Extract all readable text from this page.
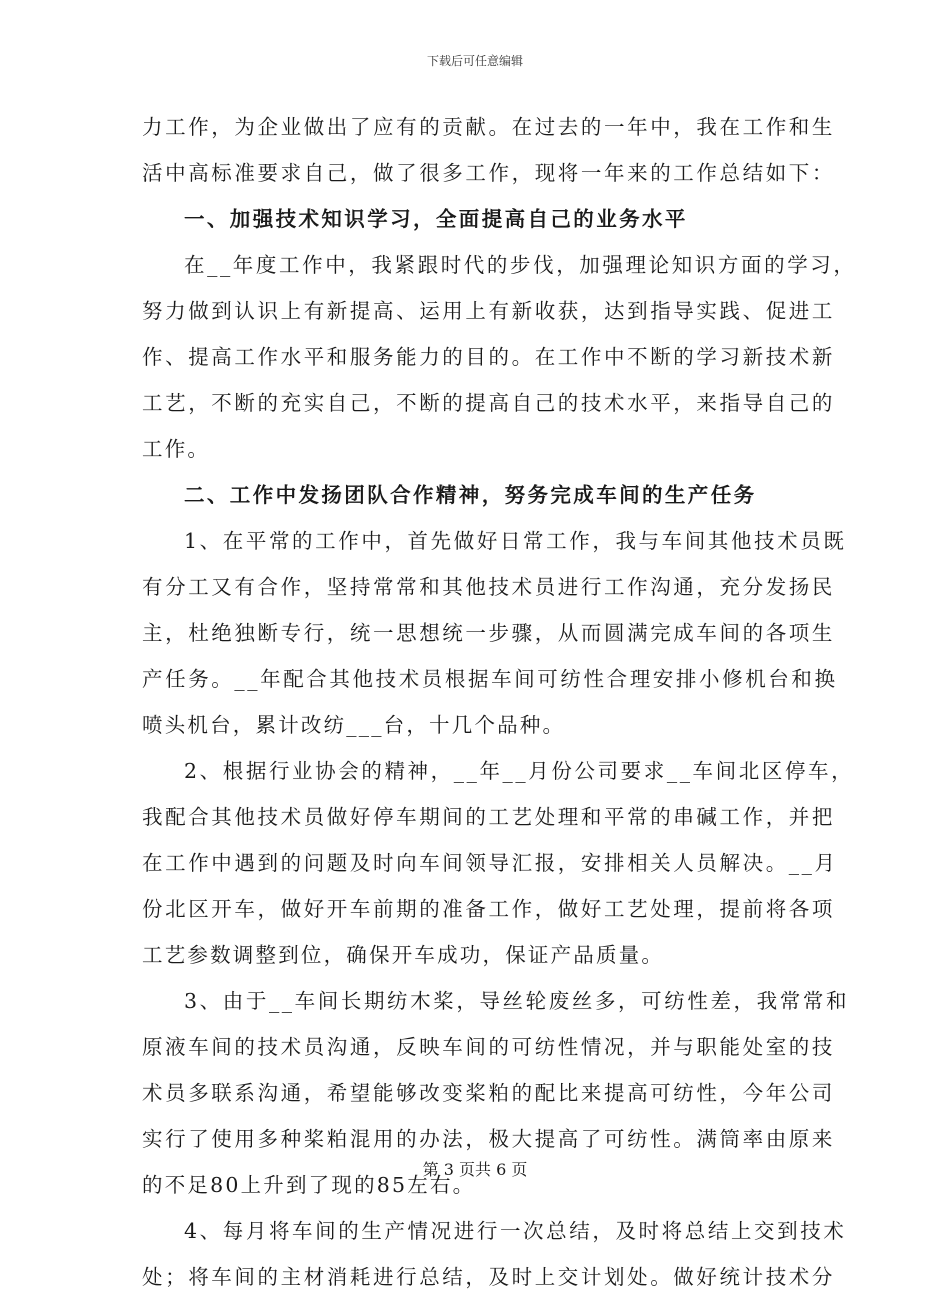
下载后可任意编辑
力工作，为企业做出了应有的贡献。在过去的一年中，我在工作和生
活中高标准要求自己，做了很多工作，现将一年来的工作总结如下：
一、加强技术知识学习，全面提高自己的业务水平
在__年度工作中，我紧跟时代的步伐，加强理论知识方面的学习，
努力做到认识上有新提高、运用上有新收获，达到指导实践、促进工
作、提高工作水平和服务能力的目的。在工作中不断的学习新技术新
工艺，不断的充实自己，不断的提高自己的技术水平，来指导自己的
工作。
二、工作中发扬团队合作精神，努务完成车间的生产任务
1、在平常的工作中，首先做好日常工作，我与车间其他技术员既
有分工又有合作，坚持常常和其他技术员进行工作沟通，充分发扬民
主，杜绝独断专行，统一思想统一步骤，从而圆满完成车间的各项生
产任务。__年配合其他技术员根据车间可纺性合理安排小修机台和换
喷头机台，累计改纺___台，十几个品种。
2、根据行业协会的精神，__年__月份公司要求__车间北区停车，
我配合其他技术员做好停车期间的工艺处理和平常的串碱工作，并把
在工作中遇到的问题及时向车间领导汇报，安排相关人员解决。__月
份北区开车，做好开车前期的准备工作，做好工艺处理，提前将各项
工艺参数调整到位，确保开车成功，保证产品质量。
3、由于__车间长期纺木桨，导丝轮废丝多，可纺性差，我常常和
原液车间的技术员沟通，反映车间的可纺性情况，并与职能处室的技
术员多联系沟通，希望能够改变桨粕的配比来提高可纺性，今年公司
实行了使用多种桨粕混用的办法，极大提高了可纺性。满筒率由原来
的不足80上升到了现的85左右。
4、每月将车间的生产情况进行一次总结，及时将总结上交到技术
处；将车间的主材消耗进行总结，及时上交计划处。做好统计技术分
第 3 页共 6 页
